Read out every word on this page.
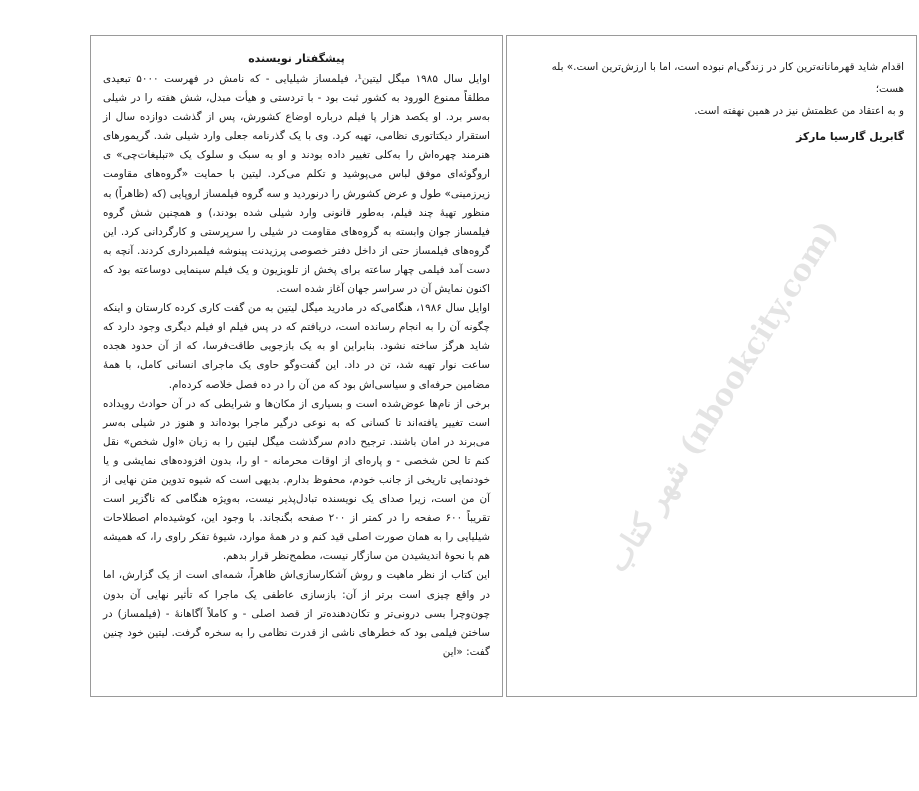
پیشگفتار نویسنده

اوایل سال ۱۹۸۵ میگل لیتین¹، فیلمساز شیلیایی - که نامش در فهرست ۵۰۰۰ تبعیدی مطلقاً ممنوع الورود به کشور ثبت بود - با تردستی و هیأت مبدل، شش هفته را در شیلی به‌سر برد. او یکصد هزار پا فیلم درباره اوضاع کشورش، پس از گذشت دوازده سال از استقرار دیکتاتوری نظامی، تهیه کرد. وی با یک گذرنامه جعلی وارد شیلی شد. گریمورهای هنرمند چهره‌اش را به‌کلی تغییر داده بودند و او به سبک و سلوک یک «تبلیغات‌چی» ی اروگوئه‌ای موفق لباس می‌پوشید و تکلم می‌کرد. لیتین با حمایت «گروه‌های مقاومت زیرزمینی» طول و عرض کشورش را درنوردید و سه گروه فیلمساز اروپایی (که (ظاهراً) به منظور تهیهٔ چند فیلم، به‌طور قانونی وارد شیلی شده بودند،) و همچنین شش گروه فیلمساز جوان وابسته به گروه‌های مقاومت در شیلی را سرپرستی و کارگردانی کرد. این گروه‌های فیلمساز حتی از داخل دفتر خصوصی پرزیدنت پینوشه فیلمبرداری کردند. آنچه به دست آمد فیلمی چهار ساعته برای پخش از تلویزیون و یک فیلم سینمایی دوساعته بود که اکنون نمایش آن در سراسر جهان آغاز شده است.

اوایل سال ۱۹۸۶، هنگامی‌که در مادرید میگل لیتین به من گفت کاری کرده کارستان و اینکه چگونه آن را به انجام رسانده است، دریافتم که در پس فیلم او فیلم دیگری وجود دارد که شاید هرگز ساخته نشود. بنابراین او به یک بازجویی طاقت‌فرسا، که از آن حدود هجده ساعت نوار تهیه شد، تن در داد. این گفت‌وگو حاوی یک ماجرای انسانی کامل، با همهٔ مضامین حرفه‌ای و سیاسی‌اش بود که من آن را در ده فصل خلاصه کرده‌ام.

برخی از نام‌ها عوض‌شده است و بسیاری از مکان‌ها و شرایطی که در آن حوادث رویداده است تغییر یافته‌اند تا کسانی که به نوعی درگیر ماجرا بوده‌اند و هنوز در شیلی به‌سر می‌برند در امان باشند. ترجیح دادم سرگذشت میگل لیتین را به زبان «اول شخص» نقل کنم تا لحن شخصی - و پاره‌ای از اوقات محرمانه - او را، بدون افزوده‌های نمایشی و یا خودنمایی تاریخی از جانب خودم، محفوظ بدارم. بدیهی است که شیوه تدوین متن نهایی از آن من است، زیرا صدای یک نویسنده تبادل‌پذیر نیست، به‌ویژه هنگامی که ناگزیر است تقریباً ۶۰۰ صفحه را در کمتر از ۲۰۰ صفحه بگنجاند. با وجود این، کوشیده‌ام اصطلاحات شیلیایی را به همان صورت اصلی قید کنم و در همهٔ موارد، شیوهٔ تفکر راوی را، که همیشه هم با نحوهٔ اندیشیدن من سازگار نیست، مطمح‌نظر قرار بدهم.

این کتاب از نظر ماهیت و روش آشکارسازی‌اش ظاهراً، شمه‌ای است از یک گزارش، اما در واقع چیزی است برتر از آن: بازسازی عاطفی یک ماجرا که تأثیر نهایی آن بدون چون‌وچرا بسی درونی‌تر و تکان‌دهنده‌تر از قصد اصلی - و کاملاً آگاهانهٔ - (فیلمساز) در ساختن فیلمی بود که خطرهای ناشی از قدرت نظامی را به سخره گرفت. لیتین خود چنین گفت: «این

اقدام شاید قهرمانانه‌ترین کار در زندگی‌ام نبوده است، اما با ارزش‌ترین است.» بله هست؛
و به اعتقاد من عظمتش نیز در همین نهفته است.
گابریل گارسیا مارکز
شهر کتاب (nbookcity.com)
